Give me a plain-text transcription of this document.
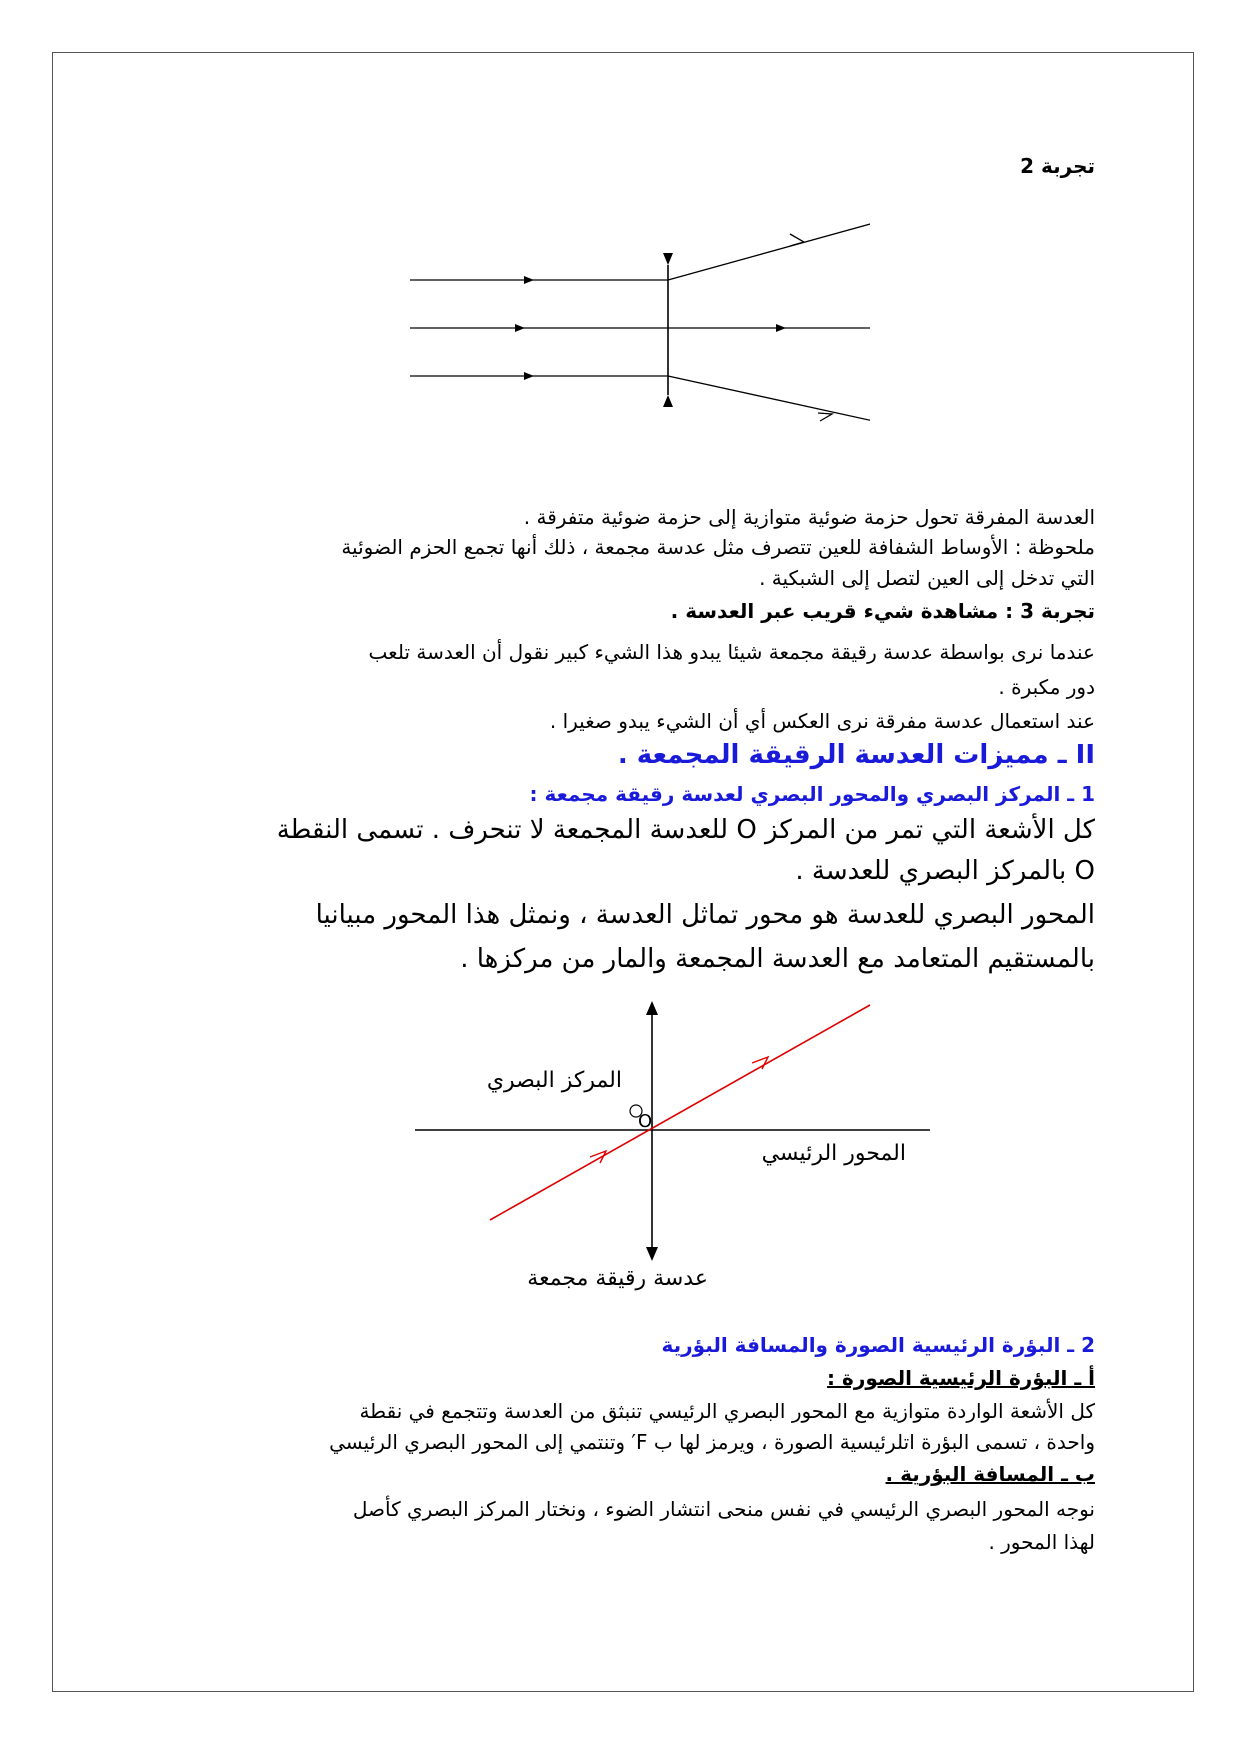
تجربة 2
العدسة المفرقة تحول حزمة ضوئية متوازية إلى حزمة ضوئية متفرقة .
ملحوظة : الأوساط الشفافة للعين تتصرف مثل عدسة مجمعة ، ذلك أنها تجمع الحزم الضوئية
التي تدخل إلى العين لتصل إلى الشبكية .
تجربة 3 : مشاهدة شيء قريب عبر العدسة .
عندما نرى بواسطة عدسة رقيقة مجمعة شيئا يبدو هذا الشيء كبير نقول أن العدسة تلعب
دور مكبرة .
عند استعمال عدسة مفرقة نرى العكس أي أن الشيء يبدو صغيرا .
II ـ مميزات العدسة الرقيقة المجمعة .
1 ـ المركز البصري والمحور البصري لعدسة رقيقة مجمعة :
كل الأشعة التي تمر من المركز O للعدسة المجمعة لا تنحرف . تسمى النقطة
O بالمركز البصري للعدسة .
المحور البصري للعدسة هو محور تماثل العدسة ، ونمثل هذا المحور مبيانيا
بالمستقيم المتعامد مع العدسة المجمعة والمار من مركزها .
المركز البصري
المحور الرئيسي
عدسة رقيقة مجمعة
O
2 ـ البؤرة الرئيسية الصورة والمسافة البؤرية
أ ـ البؤرة الرئيسية الصورة :
كل الأشعة الواردة متوازية مع المحور البصري الرئيسي تنبثق من العدسة وتتجمع في نقطة
واحدة ، تسمى البؤرة اتلرئيسية الصورة ، ويرمز لها ب F′ وتنتمي إلى المحور البصري الرئيسي
ب ـ المسافة البؤرية .
نوجه المحور البصري الرئيسي في نفس منحى انتشار الضوء ، ونختار المركز البصري كأصل
لهذا المحور .
